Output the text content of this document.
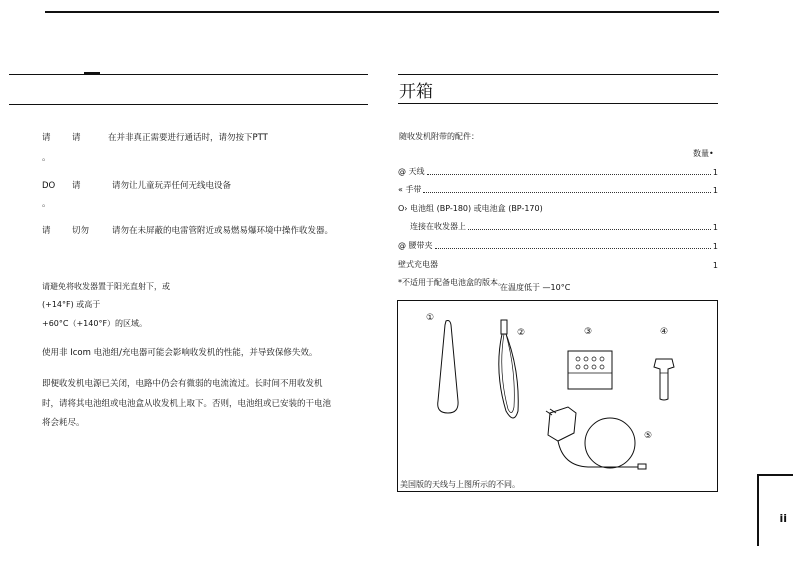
请	请	在并非真正需要进行通话时，请勿按下PTT
。
DO 请	请勿让儿童玩弄任何无线电设备
。
请	切勿	请勿在未屏蔽的电雷管附近或易燃易爆环境中操作收发器。
请避免将收发器置于阳光直射下，或
(+14°F) 或高于
+60°C（+140°F）的区域。
使用非 Icom 电池组/充电器可能会影响收发机的性能，并导致保修失效。
即便收发机电源已关闭，电路中仍会有微弱的电流流过。长时间不用收发机
时，请将其电池组或电池盒从收发机上取下。否则，电池组或已安装的干电池
将会耗尽。
开箱
随收发机附带的配件：
数量•
@ 天线	1
« 手带	1
O› 电池组 (BP-180) 或电池盒 (BP-170)
连接在收发器上	1
@ 腰带夹	1
壁式充电器	1
*不适用于配备电池盒的版本。
在温度低于 —10°C
①
②	③	④
⑤
美国版的天线与上图所示的不同。
ii
